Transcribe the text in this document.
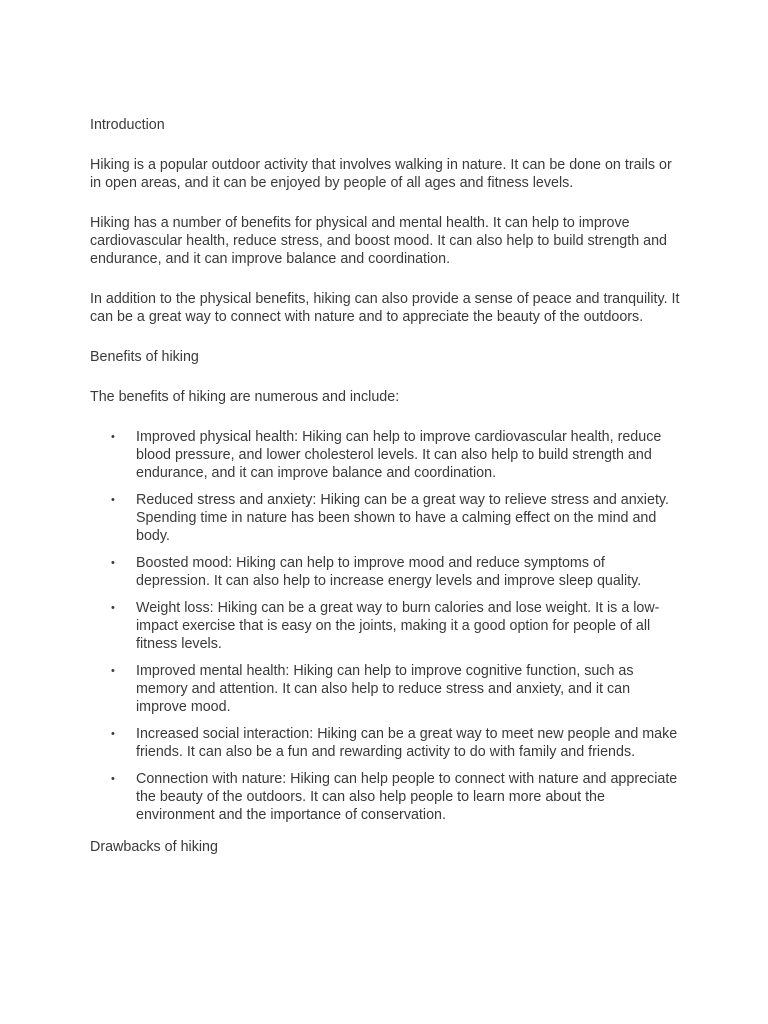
Introduction

Hiking is a popular outdoor activity that involves walking in nature. It can be done on trails or in open areas, and it can be enjoyed by people of all ages and fitness levels.

Hiking has a number of benefits for physical and mental health. It can help to improve cardiovascular health, reduce stress, and boost mood. It can also help to build strength and endurance, and it can improve balance and coordination.

In addition to the physical benefits, hiking can also provide a sense of peace and tranquility. It can be a great way to connect with nature and to appreciate the beauty of the outdoors.

Benefits of hiking

The benefits of hiking are numerous and include:

• Improved physical health: Hiking can help to improve cardiovascular health, reduce blood pressure, and lower cholesterol levels. It can also help to build strength and endurance, and it can improve balance and coordination.
• Reduced stress and anxiety: Hiking can be a great way to relieve stress and anxiety. Spending time in nature has been shown to have a calming effect on the mind and body.
• Boosted mood: Hiking can help to improve mood and reduce symptoms of depression. It can also help to increase energy levels and improve sleep quality.
• Weight loss: Hiking can be a great way to burn calories and lose weight. It is a low-impact exercise that is easy on the joints, making it a good option for people of all fitness levels.
• Improved mental health: Hiking can help to improve cognitive function, such as memory and attention. It can also help to reduce stress and anxiety, and it can improve mood.
• Increased social interaction: Hiking can be a great way to meet new people and make friends. It can also be a fun and rewarding activity to do with family and friends.
• Connection with nature: Hiking can help people to connect with nature and appreciate the beauty of the outdoors. It can also help people to learn more about the environment and the importance of conservation.

Drawbacks of hiking
